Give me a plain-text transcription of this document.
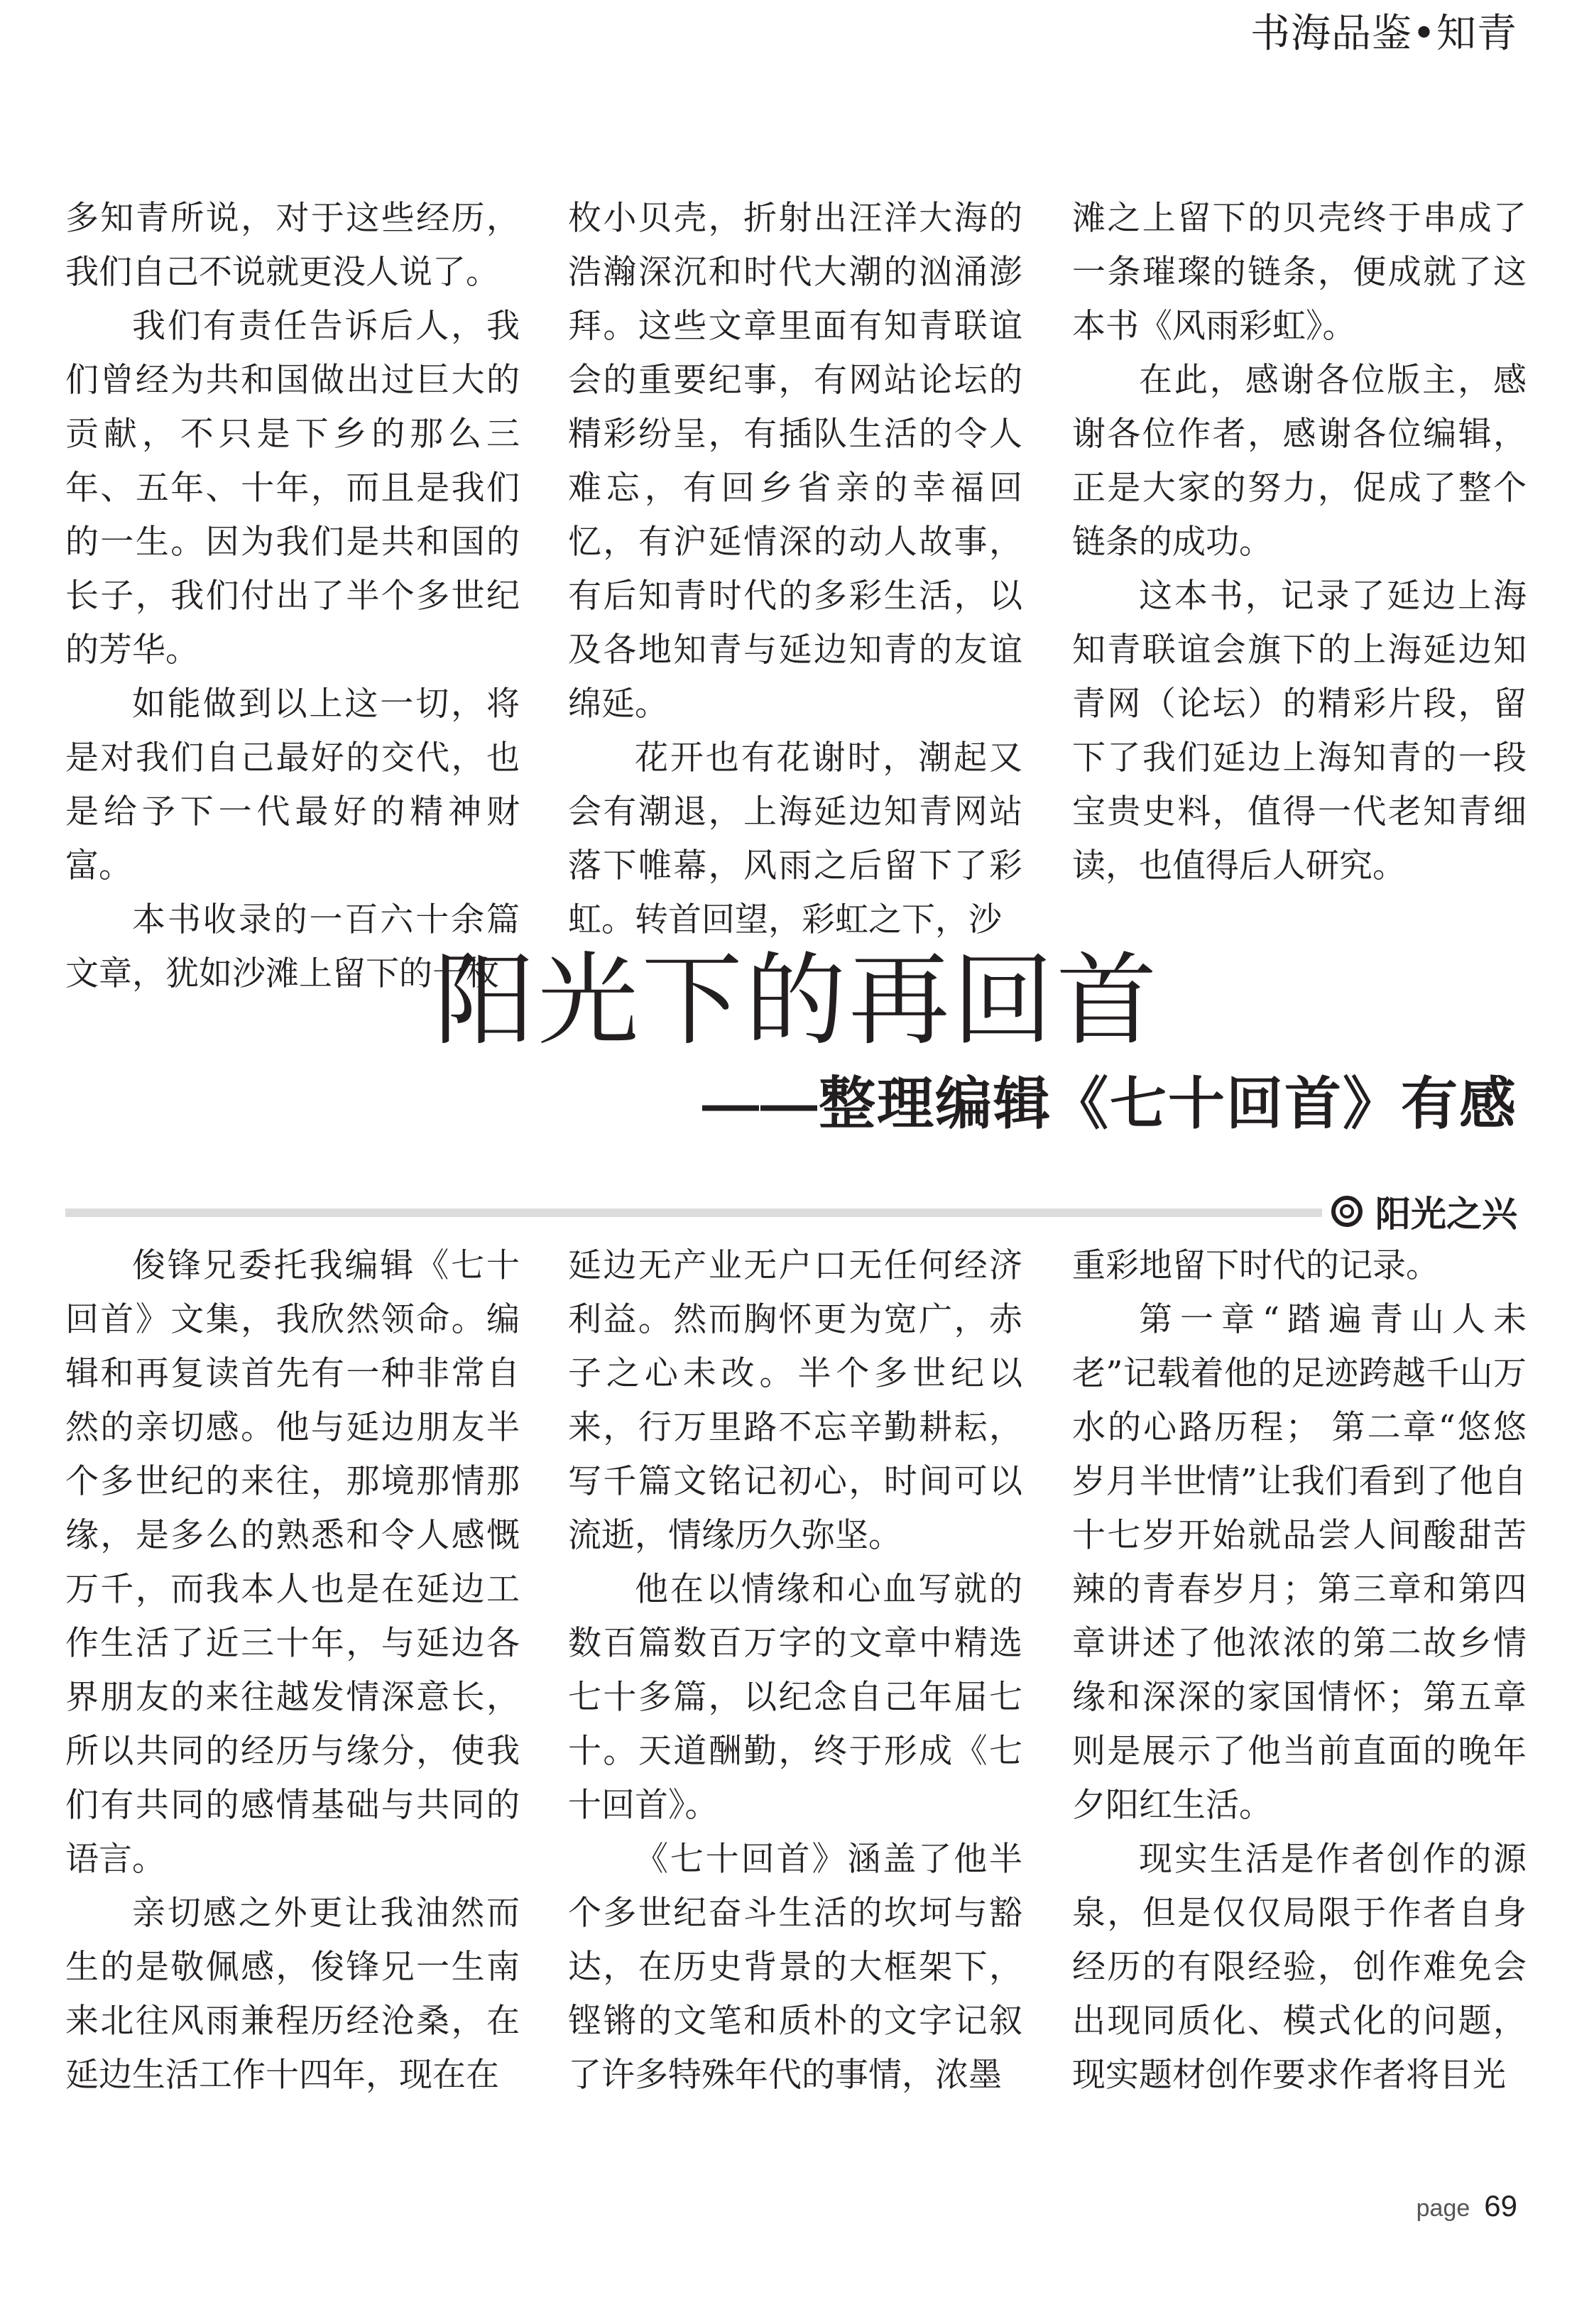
书海品鉴•知青

多知青所说，对于这些经历，我们自己不说就更没人说了。

我们有责任告诉后人，我们曾经为共和国做出过巨大的贡献，不只是下乡的那么三年、五年、十年，而且是我们的一生。因为我们是共和国的长子，我们付出了半个多世纪的芳华。

如能做到以上这一切，将是对我们自己最好的交代，也是给予下一代最好的精神财富。

本书收录的一百六十余篇文章，犹如沙滩上留下的一枚

枚小贝壳，折射出汪洋大海的浩瀚深沉和时代大潮的汹涌澎拜。这些文章里面有知青联谊会的重要纪事，有网站论坛的精彩纷呈，有插队生活的令人难忘，有回乡省亲的幸福回忆，有沪延情深的动人故事，有后知青时代的多彩生活，以及各地知青与延边知青的友谊绵延。

花开也有花谢时，潮起又会有潮退，上海延边知青网站落下帷幕，风雨之后留下了彩虹。转首回望，彩虹之下，沙

滩之上留下的贝壳终于串成了一条璀璨的链条，便成就了这本书《风雨彩虹》。

在此，感谢各位版主，感谢各位作者，感谢各位编辑，正是大家的努力，促成了整个链条的成功。

这本书，记录了延边上海知青联谊会旗下的上海延边知青网（论坛）的精彩片段，留下了我们延边上海知青的一段宝贵史料，值得一代老知青细读，也值得后人研究。

阳光下的再回首
——整理编辑《七十回首》有感
阳光之兴

俊锋兄委托我编辑《七十回首》文集，我欣然领命。编辑和再复读首先有一种非常自然的亲切感。他与延边朋友半个多世纪的来往，那境那情那缘，是多么的熟悉和令人感慨万千，而我本人也是在延边工作生活了近三十年，与延边各界朋友的来往越发情深意长，所以共同的经历与缘分，使我们有共同的感情基础与共同的语言。

亲切感之外更让我油然而生的是敬佩感，俊锋兄一生南来北往风雨兼程历经沧桑，在延边生活工作十四年，现在在

延边无产业无户口无任何经济利益。然而胸怀更为宽广，赤子之心未改。半个多世纪以来，行万里路不忘辛勤耕耘，写千篇文铭记初心，时间可以流逝，情缘历久弥坚。

他在以情缘和心血写就的数百篇数百万字的文章中精选七十多篇，以纪念自己年届七十。天道酬勤，终于形成《七十回首》。

《七十回首》涵盖了他半个多世纪奋斗生活的坎坷与豁达，在历史背景的大框架下，铿锵的文笔和质朴的文字记叙了许多特殊年代的事情，浓墨

重彩地留下时代的记录。

第一章“踏遍青山人未老”记载着他的足迹跨越千山万水的心路历程； 第二章“悠悠岁月半世情”让我们看到了他自十七岁开始就品尝人间酸甜苦辣的青春岁月；第三章和第四章讲述了他浓浓的第二故乡情缘和深深的家国情怀；第五章则是展示了他当前直面的晚年夕阳红生活。

现实生活是作者创作的源泉，但是仅仅局限于作者自身经历的有限经验，创作难免会出现同质化、模式化的问题，现实题材创作要求作者将目光

page 69
